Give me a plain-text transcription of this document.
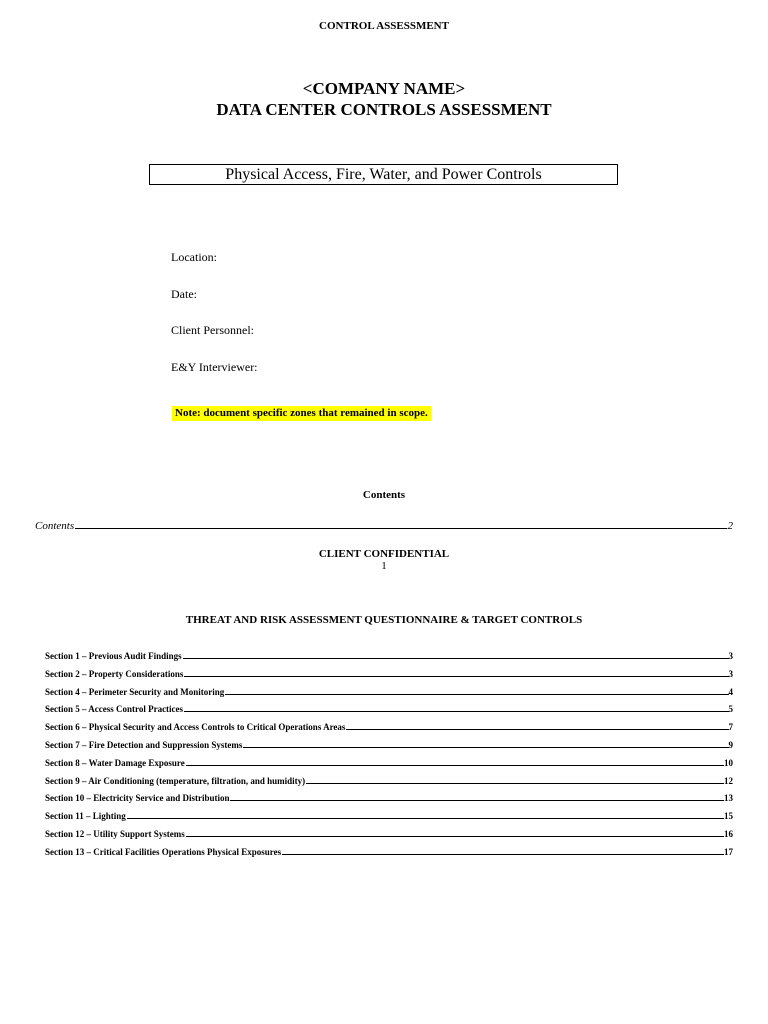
CONTROL ASSESSMENT
<COMPANY NAME>
DATA CENTER CONTROLS ASSESSMENT
Physical Access, Fire, Water, and Power Controls
Location:
Date:
Client Personnel:
E&Y Interviewer:
Note: document specific zones that remained in scope.
Contents
Contents	2
CLIENT CONFIDENTIAL
1
THREAT AND RISK ASSESSMENT QUESTIONNAIRE & TARGET CONTROLS
Section 1 – Previous Audit Findings	3
Section 2 – Property Considerations	3
Section 4 – Perimeter Security and Monitoring	4
Section 5 – Access Control Practices	5
Section 6 – Physical Security and Access Controls to Critical Operations Areas	7
Section 7 – Fire Detection and Suppression Systems	9
Section 8 – Water Damage Exposure	10
Section 9 – Air Conditioning (temperature, filtration, and humidity)	12
Section 10 – Electricity Service and Distribution	13
Section 11 – Lighting	15
Section 12 – Utility Support Systems	16
Section 13 – Critical Facilities Operations Physical Exposures	17
